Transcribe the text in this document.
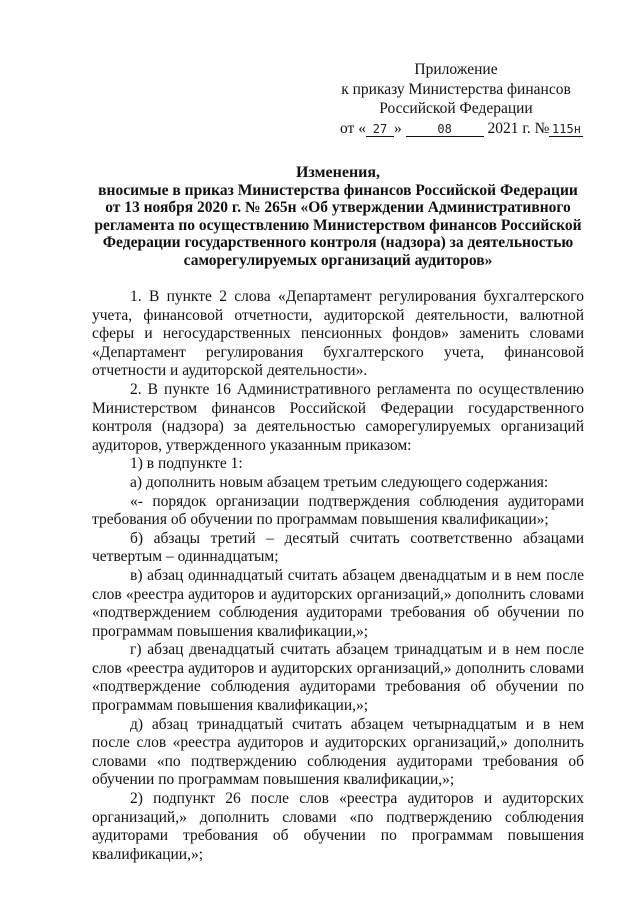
Приложение
к приказу Министерства финансов
Российской Федерации
от « 27 »	08 2021 г. № 115н
Изменения,
вносимые в приказ Министерства финансов Российской Федерации от 13 ноября 2020 г. № 265н «Об утверждении Административного регламента по осуществлению Министерством финансов Российской Федерации государственного контроля (надзора) за деятельностью саморегулируемых организаций аудиторов»

1. В пункте 2 слова «Департамент регулирования бухгалтерского учета, финансовой отчетности, аудиторской деятельности, валютной сферы и негосударственных пенсионных фондов» заменить словами «Департамент регулирования бухгалтерского учета, финансовой отчетности и аудиторской деятельности».

2. В пункте 16 Административного регламента по осуществлению Министерством финансов Российской Федерации государственного контроля (надзора) за деятельностью саморегулируемых организаций аудиторов, утвержденного указанным приказом:

1) в подпункте 1:

а) дополнить новым абзацем третьим следующего содержания:

«- порядок организации подтверждения соблюдения аудиторами требования об обучении по программам повышения квалификации»;

б) абзацы третий – десятый считать соответственно абзацами четвертым – одиннадцатым;

в) абзац одиннадцатый считать абзацем двенадцатым и в нем после слов «реестра аудиторов и аудиторских организаций,» дополнить словами «подтверждением соблюдения аудиторами требования об обучении по программам повышения квалификации,»;

г) абзац двенадцатый считать абзацем тринадцатым и в нем после слов «реестра аудиторов и аудиторских организаций,» дополнить словами «подтверждение соблюдения аудиторами требования об обучении по программам повышения квалификации,»;

д) абзац тринадцатый считать абзацем четырнадцатым и в нем после слов «реестра аудиторов и аудиторских организаций,» дополнить словами «по подтверждению соблюдения аудиторами требования об обучении по программам повышения квалификации,»;

2) подпункт 26 после слов «реестра аудиторов и аудиторских организаций,» дополнить словами «по подтверждению соблюдения аудиторами требования об обучении по программам повышения квалификации,»;
